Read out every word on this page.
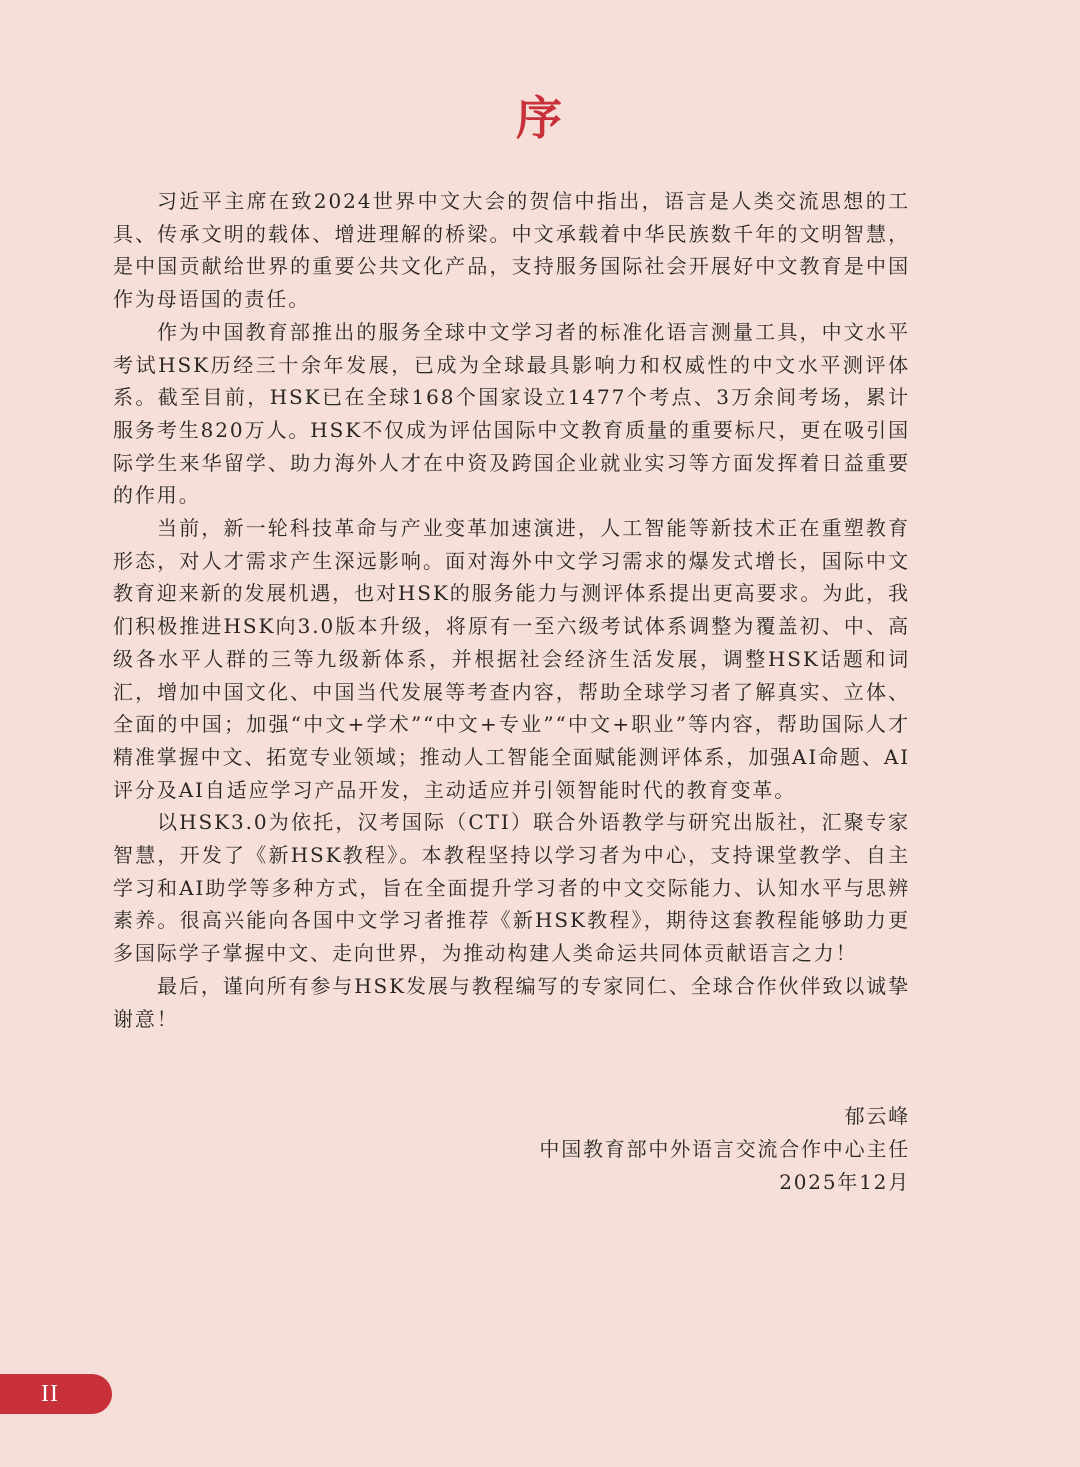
序

习近平主席在致2024世界中文大会的贺信中指出，语言是人类交流思想的工具、传承文明的载体、增进理解的桥梁。中文承载着中华民族数千年的文明智慧，是中国贡献给世界的重要公共文化产品，支持服务国际社会开展好中文教育是中国作为母语国的责任。

作为中国教育部推出的服务全球中文学习者的标准化语言测量工具，中文水平考试HSK历经三十余年发展，已成为全球最具影响力和权威性的中文水平测评体系。截至目前，HSK已在全球168个国家设立1477个考点、3万余间考场，累计服务考生820万人。HSK不仅成为评估国际中文教育质量的重要标尺，更在吸引国际学生来华留学、助力海外人才在中资及跨国企业就业实习等方面发挥着日益重要的作用。

当前，新一轮科技革命与产业变革加速演进，人工智能等新技术正在重塑教育形态，对人才需求产生深远影响。面对海外中文学习需求的爆发式增长，国际中文教育迎来新的发展机遇，也对HSK的服务能力与测评体系提出更高要求。为此，我们积极推进HSK向3.0版本升级，将原有一至六级考试体系调整为覆盖初、中、高级各水平人群的三等九级新体系，并根据社会经济生活发展，调整HSK话题和词汇，增加中国文化、中国当代发展等考查内容，帮助全球学习者了解真实、立体、全面的中国；加强“中文+学术”“中文+专业”“中文+职业”等内容，帮助国际人才精准掌握中文、拓宽专业领域；推动人工智能全面赋能测评体系，加强AI命题、AI评分及AI自适应学习产品开发，主动适应并引领智能时代的教育变革。

以HSK3.0为依托，汉考国际（CTI）联合外语教学与研究出版社，汇聚专家智慧，开发了《新HSK教程》。本教程坚持以学习者为中心，支持课堂教学、自主学习和AI助学等多种方式，旨在全面提升学习者的中文交际能力、认知水平与思辨素养。很高兴能向各国中文学习者推荐《新HSK教程》，期待这套教程能够助力更多国际学子掌握中文、走向世界，为推动构建人类命运共同体贡献语言之力！

最后，谨向所有参与HSK发展与教程编写的专家同仁、全球合作伙伴致以诚挚谢意！

郁云峰
中国教育部中外语言交流合作中心主任
2025年12月
II
